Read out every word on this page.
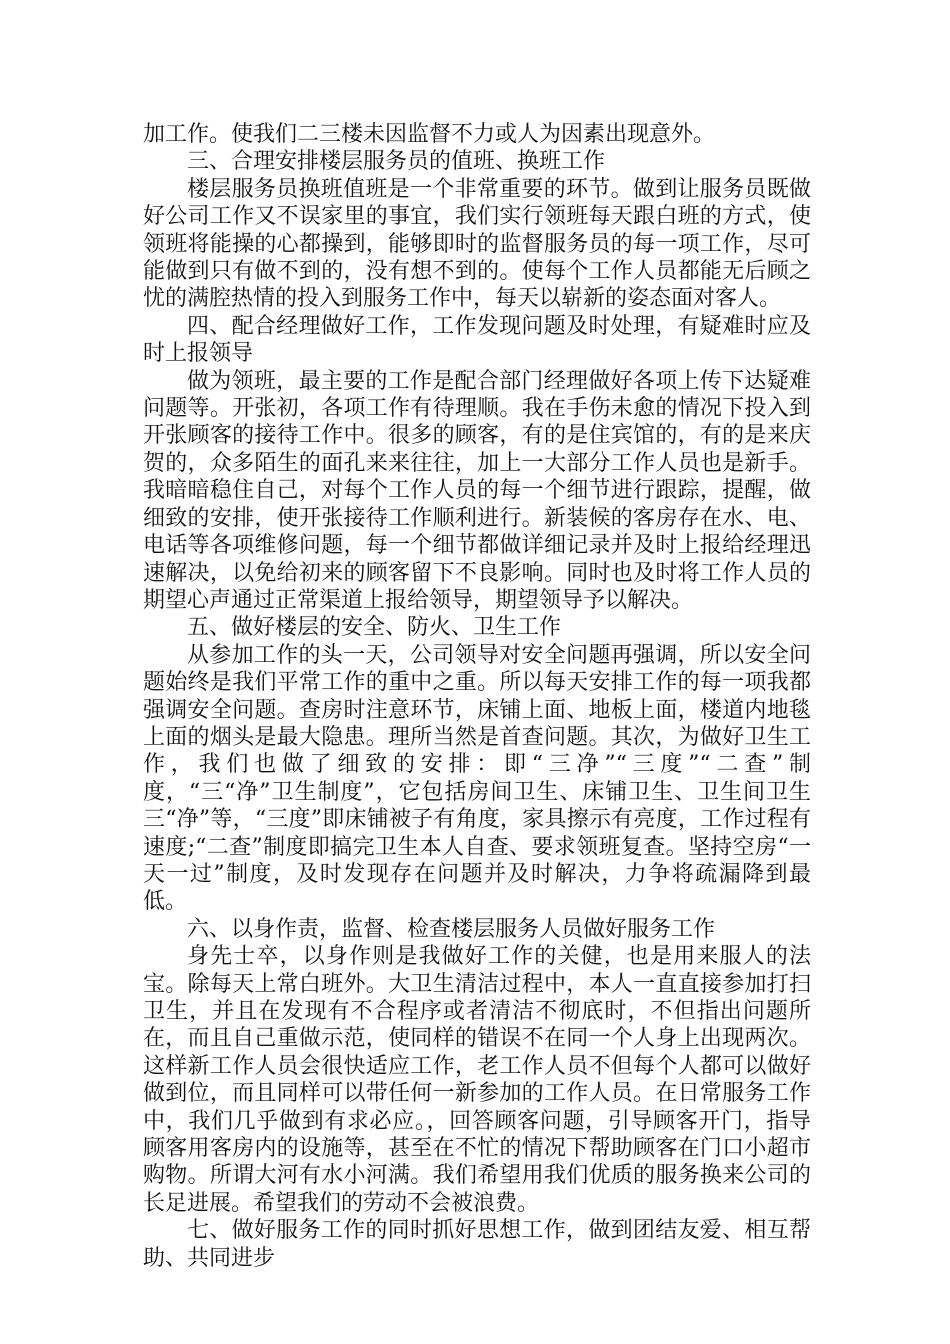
加工作。使我们二三楼未因监督不力或人为因素出现意外。

三、合理安排楼层服务员的值班、换班工作

楼层服务员换班值班是一个非常重要的环节。做到让服务员既做好公司工作又不误家里的事宜，我们实行领班每天跟白班的方式，使领班将能操的心都操到，能够即时的监督服务员的每一项工作，尽可能做到只有做不到的，没有想不到的。使每个工作人员都能无后顾之忧的满腔热情的投入到服务工作中，每天以崭新的姿态面对客人。

四、配合经理做好工作，工作发现问题及时处理，有疑难时应及时上报领导

做为领班，最主要的工作是配合部门经理做好各项上传下达疑难问题等。开张初，各项工作有待理顺。我在手伤未愈的情况下投入到开张顾客的接待工作中。很多的顾客，有的是住宾馆的，有的是来庆贺的，众多陌生的面孔来来往往，加上一大部分工作人员也是新手。我暗暗稳住自己，对每个工作人员的每一个细节进行跟踪，提醒，做细致的安排，使开张接待工作顺利进行。新装候的客房存在水、电、电话等各项维修问题，每一个细节都做详细记录并及时上报给经理迅速解决，以免给初来的顾客留下不良影响。同时也及时将工作人员的期望心声通过正常渠道上报给领导，期望领导予以解决。

五、做好楼层的安全、防火、卫生工作

从参加工作的头一天，公司领导对安全问题再强调，所以安全问题始终是我们平常工作的重中之重。所以每天安排工作的每一项我都强调安全问题。查房时注意环节，床铺上面、地板上面，楼道内地毯上面的烟头是最大隐患。理所当然是首查问题。其次，为做好卫生工作，我们也做了细致的安排：即“三净”“三度”“二查”制度，“三“净”卫生制度”，它包括房间卫生、床铺卫生、卫生间卫生三“净”等，“三度”即床铺被子有角度，家具擦示有亮度，工作过程有速度;“二查”制度即搞完卫生本人自查、要求领班复查。坚持空房“一天一过”制度，及时发现存在问题并及时解决，力争将疏漏降到最低。

六、以身作责，监督、检查楼层服务人员做好服务工作

身先士卒，以身作则是我做好工作的关健，也是用来服人的法宝。除每天上常白班外。大卫生清洁过程中，本人一直直接参加打扫卫生，并且在发现有不合程序或者清洁不彻底时，不但指出问题所在，而且自己重做示范，使同样的错误不在同一个人身上出现两次。这样新工作人员会很快适应工作，老工作人员不但每个人都可以做好做到位，而且同样可以带任何一新参加的工作人员。在日常服务工作中，我们几乎做到有求必应。，回答顾客问题，引导顾客开门，指导顾客用客房内的设施等，甚至在不忙的情况下帮助顾客在门口小超市购物。所谓大河有水小河满。我们希望用我们优质的服务换来公司的长足进展。希望我们的劳动不会被浪费。

七、做好服务工作的同时抓好思想工作，做到团结友爱、相互帮助、共同进步
